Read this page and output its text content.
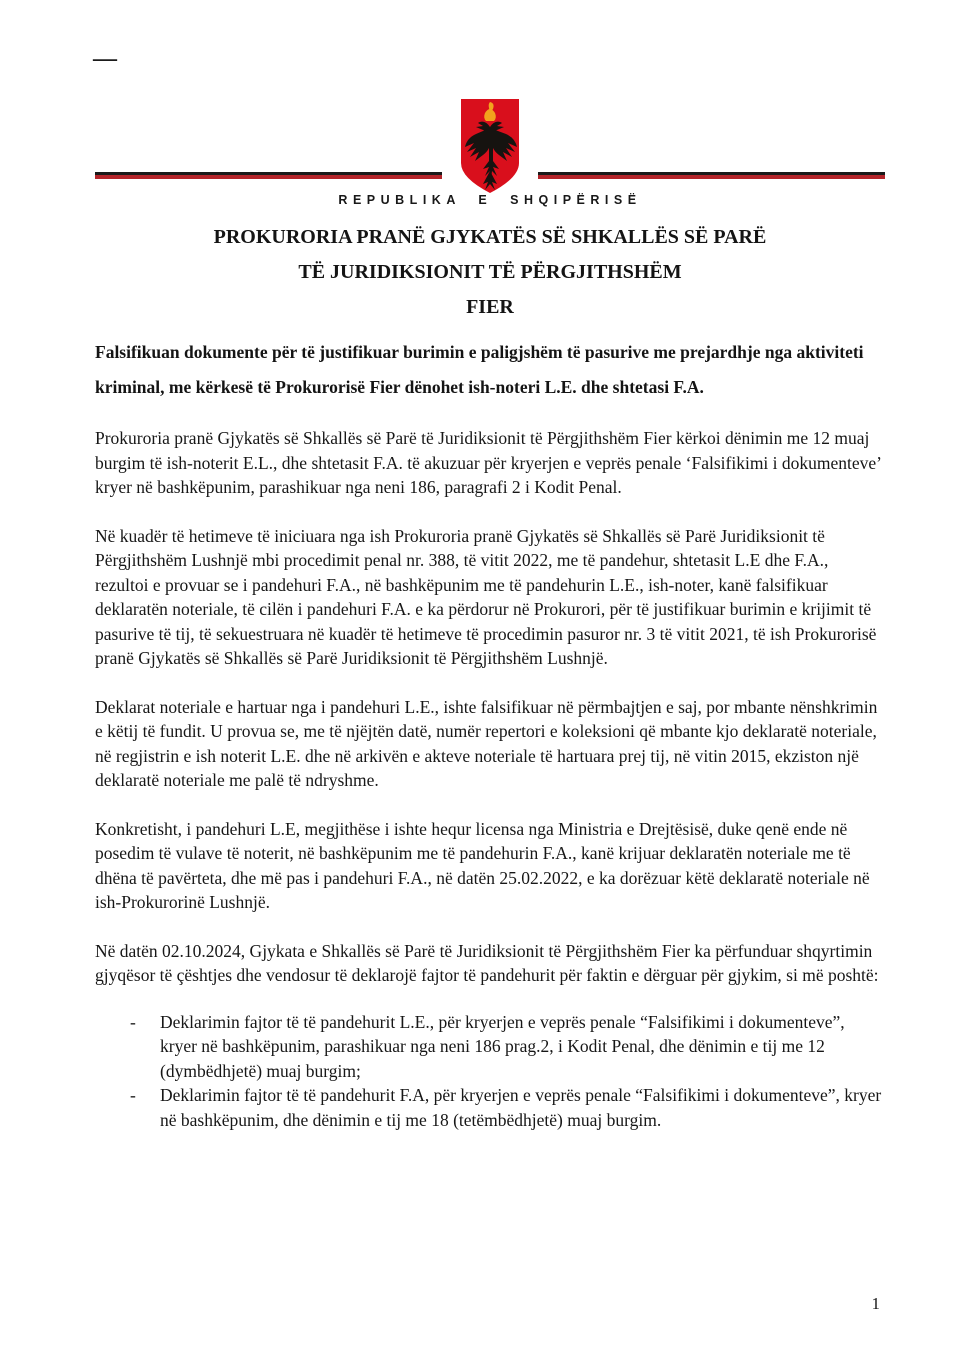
—
REPUBLIKA E SHQIPËRISË
PROKURORIA PRANË GJYKATËS SË SHKALLËS SË PARË
TË JURIDIKSIONIT TË PËRGJITHSHËM
FIER

Falsifikuan dokumente për të justifikuar burimin e paligjshëm të pasurive me prejardhje nga aktiviteti kriminal, me kërkesë të Prokurorisë Fier dënohet ish-noteri L.E. dhe shtetasi F.A.

Prokuroria pranë Gjykatës së Shkallës së Parë të Juridiksionit të Përgjithshëm Fier kërkoi dënimin me 12 muaj burgim të ish-noterit E.L., dhe shtetasit F.A. të akuzuar për kryerjen e veprës penale ‘Falsifikimi i dokumenteve’ kryer në bashkëpunim, parashikuar nga neni 186, paragrafi 2 i Kodit Penal.

Në kuadër të hetimeve të iniciuara nga ish Prokuroria pranë Gjykatës së Shkallës së Parë Juridiksionit të Përgjithshëm Lushnjë mbi procedimit penal nr. 388, të vitit 2022, me të pandehur, shtetasit L.E dhe F.A., rezultoi e provuar se i pandehuri F.A., në bashkëpunim me të pandehurin L.E., ish-noter, kanë falsifikuar deklaratën noteriale, të cilën i pandehuri F.A. e ka përdorur në Prokurori, për të justifikuar burimin e krijimit të pasurive të tij, të sekuestruara në kuadër të hetimeve të procedimin pasuror nr. 3 të vitit 2021, të ish Prokurorisë pranë Gjykatës së Shkallës së Parë Juridiksionit të Përgjithshëm Lushnjë.

Deklarat noteriale e hartuar nga i pandehuri L.E., ishte falsifikuar në përmbajtjen e saj, por mbante nënshkrimin e këtij të fundit. U provua se, me të njëjtën datë, numër repertori e koleksioni që mbante kjo deklaratë noteriale, në regjistrin e ish noterit L.E. dhe në arkivën e akteve noteriale të hartuara prej tij, në vitin 2015, ekziston një deklaratë noteriale me palë të ndryshme.

Konkretisht, i pandehuri L.E, megjithëse i ishte hequr licensa nga Ministria e Drejtësisë, duke qenë ende në posedim të vulave të noterit, në bashkëpunim me të pandehurin F.A., kanë krijuar deklaratën noteriale me të dhëna të pavërteta, dhe më pas i pandehuri F.A., në datën 25.02.2022, e ka dorëzuar këtë deklaratë noteriale në ish-Prokurorinë Lushnjë.

Në datën 02.10.2024, Gjykata e Shkallës së Parë të Juridiksionit të Përgjithshëm Fier ka përfunduar shqyrtimin gjyqësor të çështjes dhe vendosur të deklarojë fajtor të pandehurit për faktin e dërguar për gjykim, si më poshtë:

-	Deklarimin fajtor të të pandehurit L.E., për kryerjen e veprës penale “Falsifikimi i dokumenteve”, kryer në bashkëpunim, parashikuar nga neni 186 prag.2, i Kodit Penal, dhe dënimin e tij me 12 (dymbëdhjetë) muaj burgim;
-	Deklarimin fajtor të të pandehurit F.A, për kryerjen e veprës penale “Falsifikimi i dokumenteve”, kryer në bashkëpunim, dhe dënimin e tij me 18 (tetëmbëdhjetë) muaj burgim.
1
